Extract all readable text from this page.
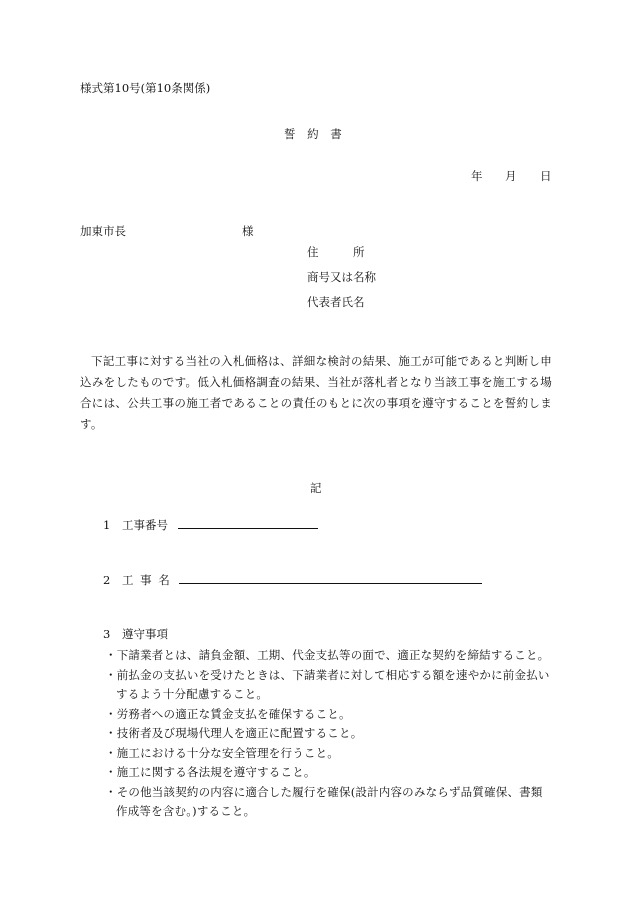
様式第10号(第10条関係)
誓 約 書
年 月 日
加東市長	様
住　　　所
商号又は名称
代表者氏名
下記工事に対する当社の入札価格は、詳細な検討の結果、施工が可能であると判断し申込みをしたものです。低入札価格調査の結果、当社が落札者となり当該工事を施工する場合には、公共工事の施工者であることの責任のもとに次の事項を遵守することを誓約します。
記
1 工事番号
2 工 事 名
3 遵守事項
・下請業者とは、請負金額、工期、代金支払等の面で、適正な契約を締結すること。
・前払金の支払いを受けたときは、下請業者に対して相応する額を速やかに前金払いするよう十分配慮すること。
・労務者への適正な賃金支払を確保すること。
・技術者及び現場代理人を適正に配置すること。
・施工における十分な安全管理を行うこと。
・施工に関する各法規を遵守すること。
・その他当該契約の内容に適合した履行を確保(設計内容のみならず品質確保、書類作成等を含む。)すること。
